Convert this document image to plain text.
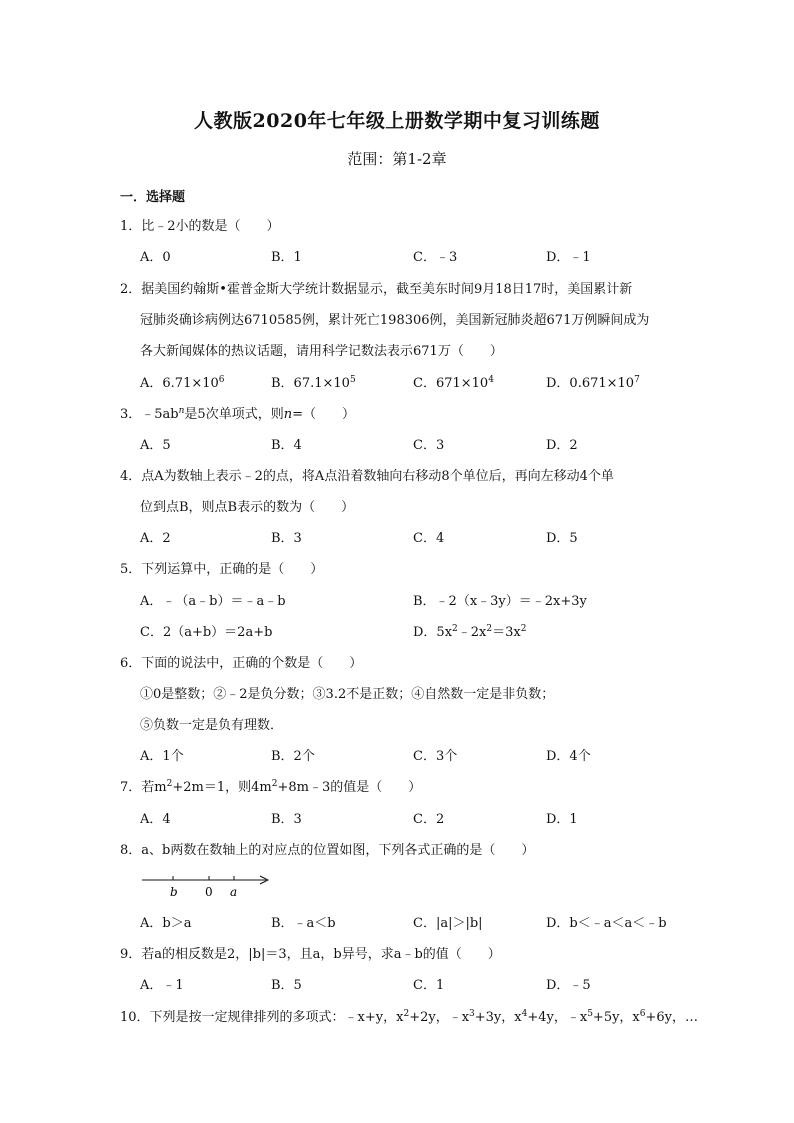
人教版2020年七年级上册数学期中复习训练题
范围：第1-2章
一．选择题
1．比﹣2小的数是（　　）
A．0	B．1	C．﹣3	D．﹣1
2．据美国约翰斯•霍普金斯大学统计数据显示，截至美东时间9月18日17时，美国累计新
冠肺炎确诊病例达6710585例，累计死亡198306例，美国新冠肺炎超671万例瞬间成为
各大新闻媒体的热议话题，请用科学记数法表示671万（　　）
A．$6.71\times 10^6$	B．$67.1\times 10^5$	C．$671\times 10^4$	D．$0.671\times 10^7$
3．$﹣5ab^n$是5次单项式，则n=（　　）
A．5	B．4	C．3	D．2
4．点A为数轴上表示﹣2的点，将A点沿着数轴向右移动8个单位后，再向左移动4个单
位到点B，则点B表示的数为（　　）
A．2	B．3	C．4	D．5
5．下列运算中，正确的是（　　）
A．﹣（a﹣b）＝﹣a﹣b	B．﹣2（x﹣3y）＝﹣2x+3y
C．2（a+b）＝2a+b	D．$5x^2﹣2x^2=3x^2$
6．下面的说法中，正确的个数是（　　）
①0是整数；②﹣2是负分数；③3.2不是正数；④自然数一定是非负数；
⑤负数一定是负有理数．
A．1个	B．2个	C．3个	D．4个
7．若$m^2+2m=1$，则$4m^2+8m﹣3$的值是（　　）
A．4	B．3	C．2	D．1
8．a、b两数在数轴上的对应点的位置如图，下列各式正确的是（　　）
b 0 a
A．b＞a	B．﹣a＜b	C．|a|＞|b|	D．b＜﹣a＜a＜﹣b
9．若a的相反数是2，|b|＝3，且a，b异号，求a﹣b的值（　　）
A．﹣1	B．5	C．1	D．﹣5
10．下列是按一定规律排列的多项式：﹣x+y，$x^2+2y$，$﹣x^3+3y$，$x^4+4y$，$﹣x^5+5y$，$x^6+6y$，…
